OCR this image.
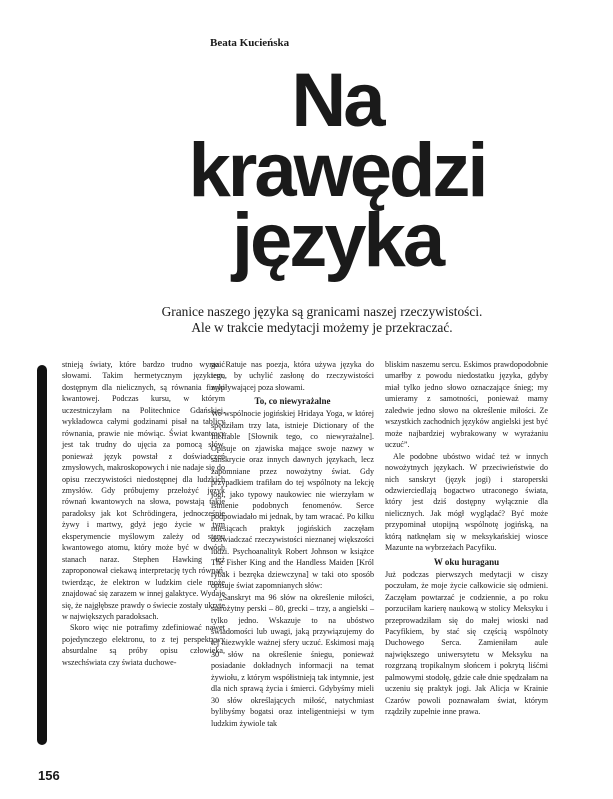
Beata Kucieńska
Na
krawędzi
języka
Granice naszego języka są granicami naszej rzeczywistości.
Ale w trakcie medytacji możemy je przekraczać.

stnieją światy, które bardzo trudno wyrazić słowami. Takim hermetycznym językiem, dostępnym dla nielicznych, są równania fizyki kwantowej. Podczas kursu, w którym uczestniczyłam na Politechnice Gdańskiej, wykładowca całymi godzinami pisał na tablicy równania, prawie nie mówiąc. Świat kwantowy jest tak trudny do ujęcia za pomocą słów, ponieważ język powstał z doświadczeń zmysłowych, makroskopowych i nie nadaje się do opisu rzeczywistości niedostępnej dla ludzkich zmysłów. Gdy próbujemy przełożyć język równań kwantowych na słowa, powstają takie paradoksy jak kot Schrödingera, jednocześnie żywy i martwy, gdyż jego życie w tym eksperymencie myślowym zależy od stanu kwantowego atomu, który może być w dwóch stanach naraz. Stephen Hawking też zaproponował ciekawą interpretację tych równań, twierdząc, że elektron w ludzkim ciele może znajdować się zarazem w innej galaktyce. Wydaje się, że najgłębsze prawdy o świecie zostały ukryte w największych paradoksach.

Skoro więc nie potrafimy zdefiniować nawet pojedynczego elektronu, to z tej perspektywy absurdalne są próby opisu człowieka, wszechświata czy świata duchowe-

go. Ratuje nas poezja, która używa języka do tego, by uchylić zasłonę do rzeczywistości wypływającej poza słowami.

To, co niewyrażalne

We wspólnocie jogińskiej Hridaya Yoga, w której spędziłam trzy lata, istnieje Dictionary of the Ineffable [Słownik tego, co niewyrażalne]. Opisuje on zjawiska mające swoje nazwy w sanskrycie oraz innych dawnych językach, lecz zapomniane przez nowożytny świat. Gdy przypadkiem trafiłam do tej wspólnoty na lekcję jogi, jako typowy naukowiec nie wierzyłam w istnienie podobnych fenomenów. Serce podpowiadało mi jednak, by tam wracać. Po kilku miesiącach praktyk jogińskich zaczęłam doświadczać rzeczywistości nieznanej większości ludzi. Psychoanalityk Robert Johnson w książce The Fisher King and the Handless Maiden [Król rybak i bezręka dziewczyna] w taki oto sposób opisuje świat zapomnianych słów:

„Sanskryt ma 96 słów na określenie miłości, starożytny perski – 80, grecki – trzy, a angielski – tylko jedno. Wskazuje to na ubóstwo świadomości lub uwagi, jaką przywiązujemy do tej niezwykle ważnej sfery uczuć. Eskimosi mają 30 słów na określenie śniegu, ponieważ posiadanie dokładnych informacji na temat żywiołu, z którym współistnieją tak intymnie, jest dla nich sprawą życia i śmierci. Gdybyśmy mieli 30 słów określających miłość, natychmiast bylibyśmy bogatsi oraz inteligentniejsi w tym ludzkim żywiole tak

bliskim naszemu sercu. Eskimos prawdopodobnie umarłby z powodu niedostatku języka, gdyby miał tylko jedno słowo oznaczające śnieg; my umieramy z samotności, ponieważ mamy zaledwie jedno słowo na określenie miłości. Ze wszystkich zachodnich języków angielski jest być może najbardziej wybrakowany w wyrażaniu uczuć”.

Ale podobne ubóstwo widać też w innych nowożytnych językach. W przeciwieństwie do nich sanskryt (język jogi) i staroperski odzwierciedlają bogactwo utraconego świata, który jest dziś dostępny wyłącznie dla nielicznych. Jak mógł wyglądać? Być może przypominał utopijną wspólnotę jogińską, na którą natknęłam się w meksykańskiej wiosce Mazunte na wybrzeżach Pacyfiku.

W oku huraganu

Już podczas pierwszych medytacji w ciszy poczułam, że moje życie całkowicie się odmieni. Zaczęłam powtarzać je codziennie, a po roku porzuciłam karierę naukową w stolicy Meksyku i przeprowadziłam się do małej wioski nad Pacyfikiem, by stać się częścią wspólnoty Duchowego Serca. Zamieniłam aule największego uniwersytetu w Meksyku na rozgrzaną tropikalnym słońcem i pokrytą liśćmi palmowymi stodołę, gdzie całe dnie spędzałam na uczeniu się praktyk jogi. Jak Alicja w Krainie Czarów powoli poznawałam świat, którym rządziły zupełnie inne prawa.

156
